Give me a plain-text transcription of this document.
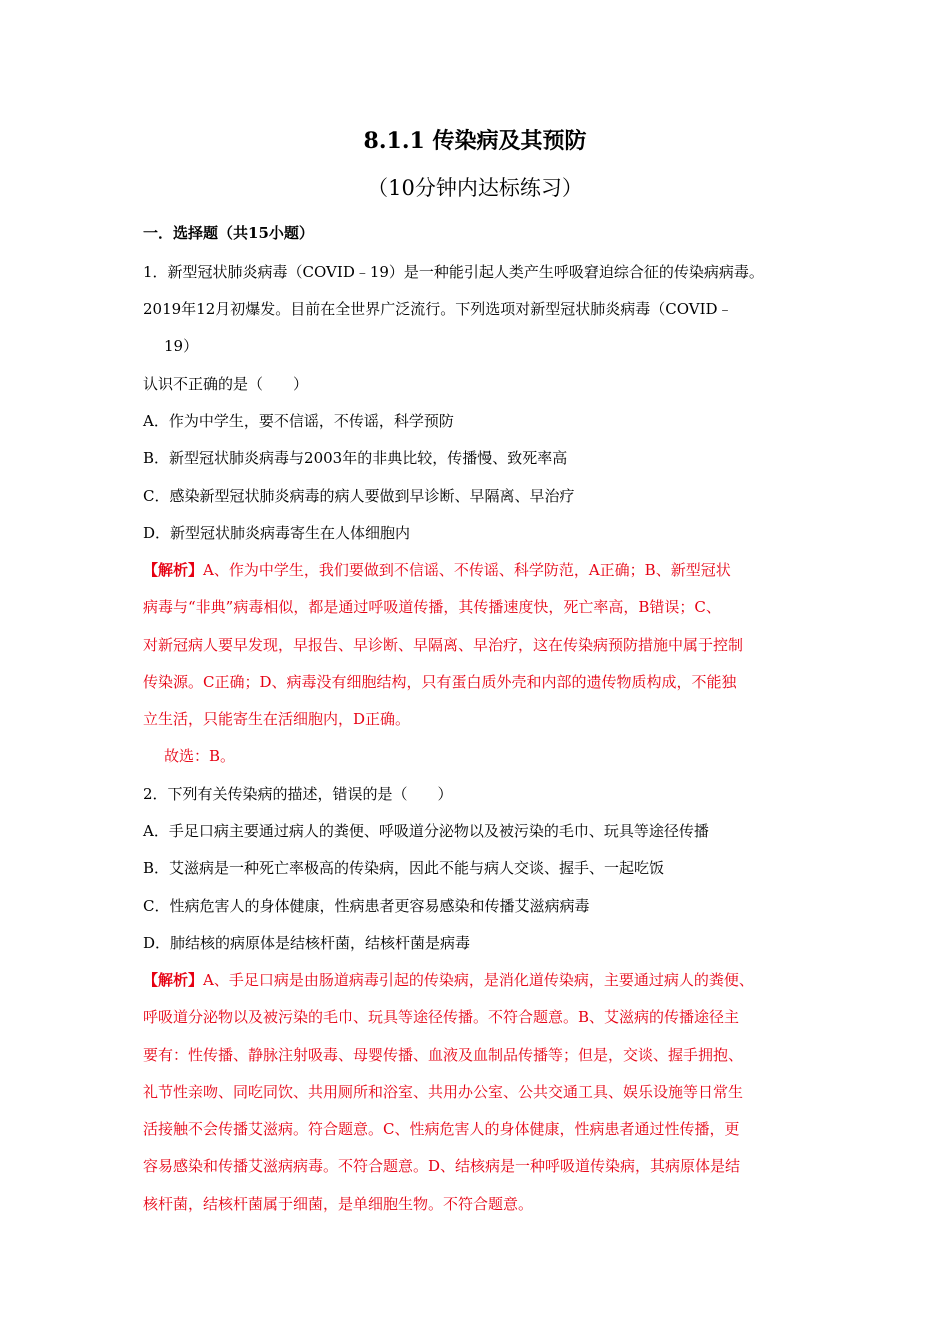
8.1.1 传染病及其预防
（10分钟内达标练习）
一．选择题（共15小题）
1．新型冠状肺炎病毒（COVID﹣19）是一种能引起人类产生呼吸窘迫综合征的传染病病毒。
2019年12月初爆发。目前在全世界广泛流行。下列选项对新型冠状肺炎病毒（COVID﹣
19）
认识不正确的是（　　）
A．作为中学生，要不信谣，不传谣，科学预防
B．新型冠状肺炎病毒与2003年的非典比较，传播慢、致死率高
C．感染新型冠状肺炎病毒的病人要做到早诊断、早隔离、早治疗
D．新型冠状肺炎病毒寄生在人体细胞内
【解析】A、作为中学生，我们要做到不信谣、不传谣、科学防范，A正确；B、新型冠状
病毒与“非典”病毒相似，都是通过呼吸道传播，其传播速度快，死亡率高，B错误；C、
对新冠病人要早发现，早报告、早诊断、早隔离、早治疗，这在传染病预防措施中属于控制
传染源。C正确；D、病毒没有细胞结构，只有蛋白质外壳和内部的遗传物质构成，不能独
立生活，只能寄生在活细胞内，D正确。
故选：B。
2．下列有关传染病的描述，错误的是（　　）
A．手足口病主要通过病人的粪便、呼吸道分泌物以及被污染的毛巾、玩具等途径传播
B．艾滋病是一种死亡率极高的传染病，因此不能与病人交谈、握手、一起吃饭
C．性病危害人的身体健康，性病患者更容易感染和传播艾滋病病毒
D．肺结核的病原体是结核杆菌，结核杆菌是病毒
【解析】A、手足口病是由肠道病毒引起的传染病，是消化道传染病，主要通过病人的粪便、
呼吸道分泌物以及被污染的毛巾、玩具等途径传播。不符合题意。B、艾滋病的传播途径主
要有：性传播、静脉注射吸毒、母婴传播、血液及血制品传播等；但是，交谈、握手拥抱、
礼节性亲吻、同吃同饮、共用厕所和浴室、共用办公室、公共交通工具、娱乐设施等日常生
活接触不会传播艾滋病。符合题意。C、性病危害人的身体健康，性病患者通过性传播，更
容易感染和传播艾滋病病毒。不符合题意。D、结核病是一种呼吸道传染病，其病原体是结
核杆菌，结核杆菌属于细菌，是单细胞生物。不符合题意。
